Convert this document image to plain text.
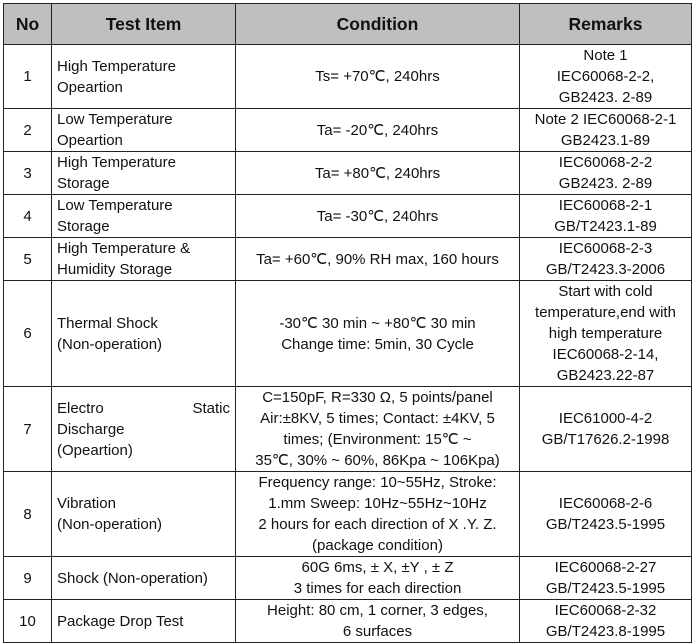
No	Test Item	Condition	Remarks
1	High Temperature
Opeartion	Ts= +70℃, 240hrs	Note 1
IEC60068-2-2,
GB2423. 2-89

2	Low Temperature
Opeartion	Ta= -20℃, 240hrs	Note 2 IEC60068-2-1
GB2423.1-89

3	High Temperature
Storage	Ta= +80℃, 240hrs	IEC60068-2-2
GB2423. 2-89

4	Low Temperature
Storage	Ta= -30℃, 240hrs	IEC60068-2-1
GB/T2423.1-89

5	High Temperature &
Humidity Storage	Ta= +60℃, 90% RH max, 160 hours	IEC60068-2-3
GB/T2423.3-2006

6	Thermal Shock
(Non-operation)	-30℃ 30 min ~ +80℃ 30 min
Change time: 5min, 30 Cycle	Start with cold
temperature,end with
high temperature
IEC60068-2-14,
GB2423.22-87

7	Electro Static
Discharge
(Opeartion)	C=150pF, R=330 Ω, 5 points/panel
Air:±8KV, 5 times; Contact: ±4KV, 5
times; (Environment: 15℃ ~
35℃, 30% ~ 60%, 86Kpa ~ 106Kpa)	IEC61000-4-2
GB/T17626.2-1998

8	Vibration
(Non-operation)	Frequency range: 10~55Hz, Stroke:
1.mm Sweep: 10Hz~55Hz~10Hz
2 hours for each direction of X .Y. Z.
(package condition)	IEC60068-2-6
GB/T2423.5-1995

9	Shock (Non-operation)	60G 6ms, ± X, ±Y , ± Z
3 times for each direction	IEC60068-2-27
GB/T2423.5-1995

10	Package Drop Test	Height: 80 cm, 1 corner, 3 edges,
6 surfaces	IEC60068-2-32
GB/T2423.8-1995
